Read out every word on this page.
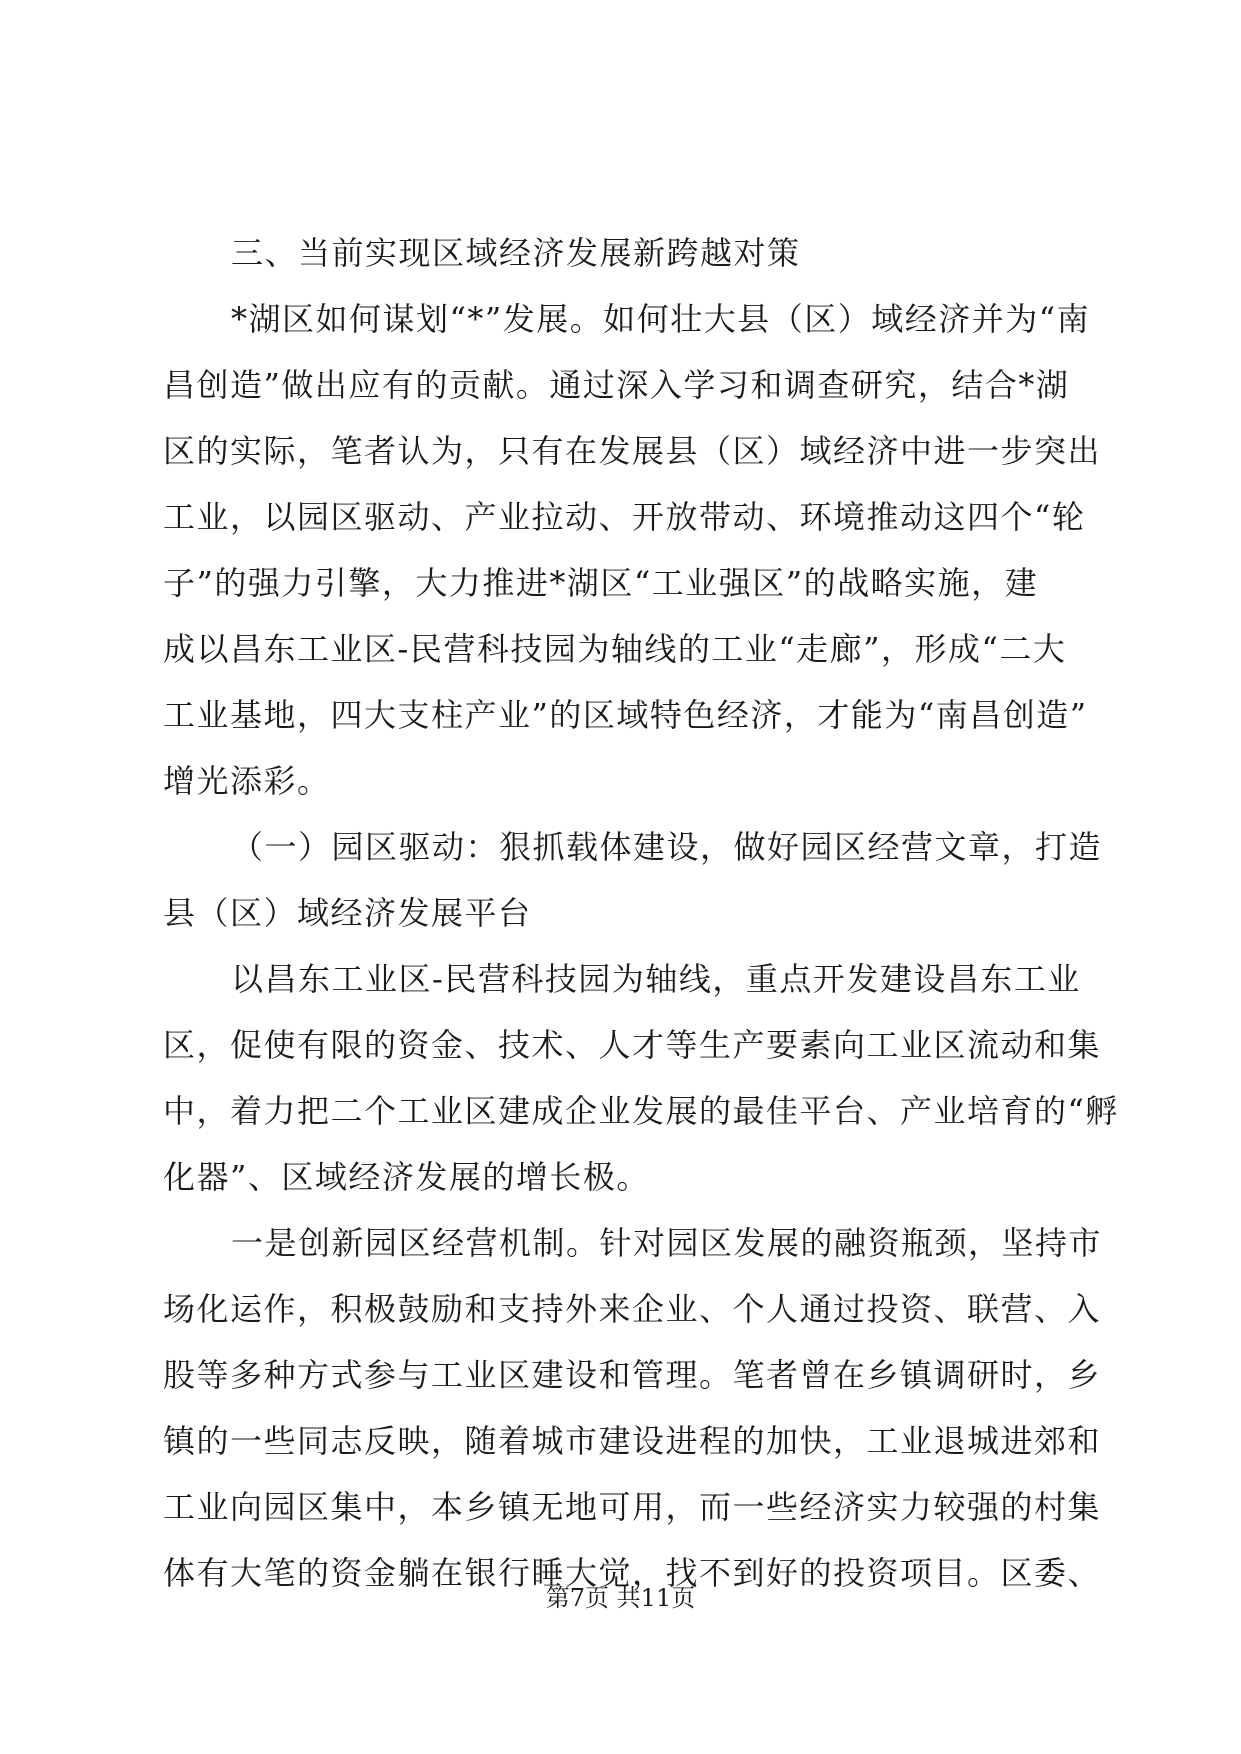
三、当前实现区域经济发展新跨越对策
*湖区如何谋划“*”发展。如何壮大县（区）域经济并为“南
昌创造”做出应有的贡献。通过深入学习和调查研究，结合*湖
区的实际，笔者认为，只有在发展县（区）域经济中进一步突出
工业，以园区驱动、产业拉动、开放带动、环境推动这四个“轮
子”的强力引擎，大力推进*湖区“工业强区”的战略实施，建
成以昌东工业区-民营科技园为轴线的工业“走廊”，形成“二大
工业基地，四大支柱产业”的区域特色经济，才能为“南昌创造”
增光添彩。
（一）园区驱动：狠抓载体建设，做好园区经营文章，打造
县（区）域经济发展平台
以昌东工业区-民营科技园为轴线，重点开发建设昌东工业
区，促使有限的资金、技术、人才等生产要素向工业区流动和集
中，着力把二个工业区建成企业发展的最佳平台、产业培育的“孵
化器”、区域经济发展的增长极。
一是创新园区经营机制。针对园区发展的融资瓶颈，坚持市
场化运作，积极鼓励和支持外来企业、个人通过投资、联营、入
股等多种方式参与工业区建设和管理。笔者曾在乡镇调研时，乡
镇的一些同志反映，随着城市建设进程的加快，工业退城进郊和
工业向园区集中，本乡镇无地可用，而一些经济实力较强的村集
体有大笔的资金躺在银行睡大觉，找不到好的投资项目。区委、
第7页 共11页
